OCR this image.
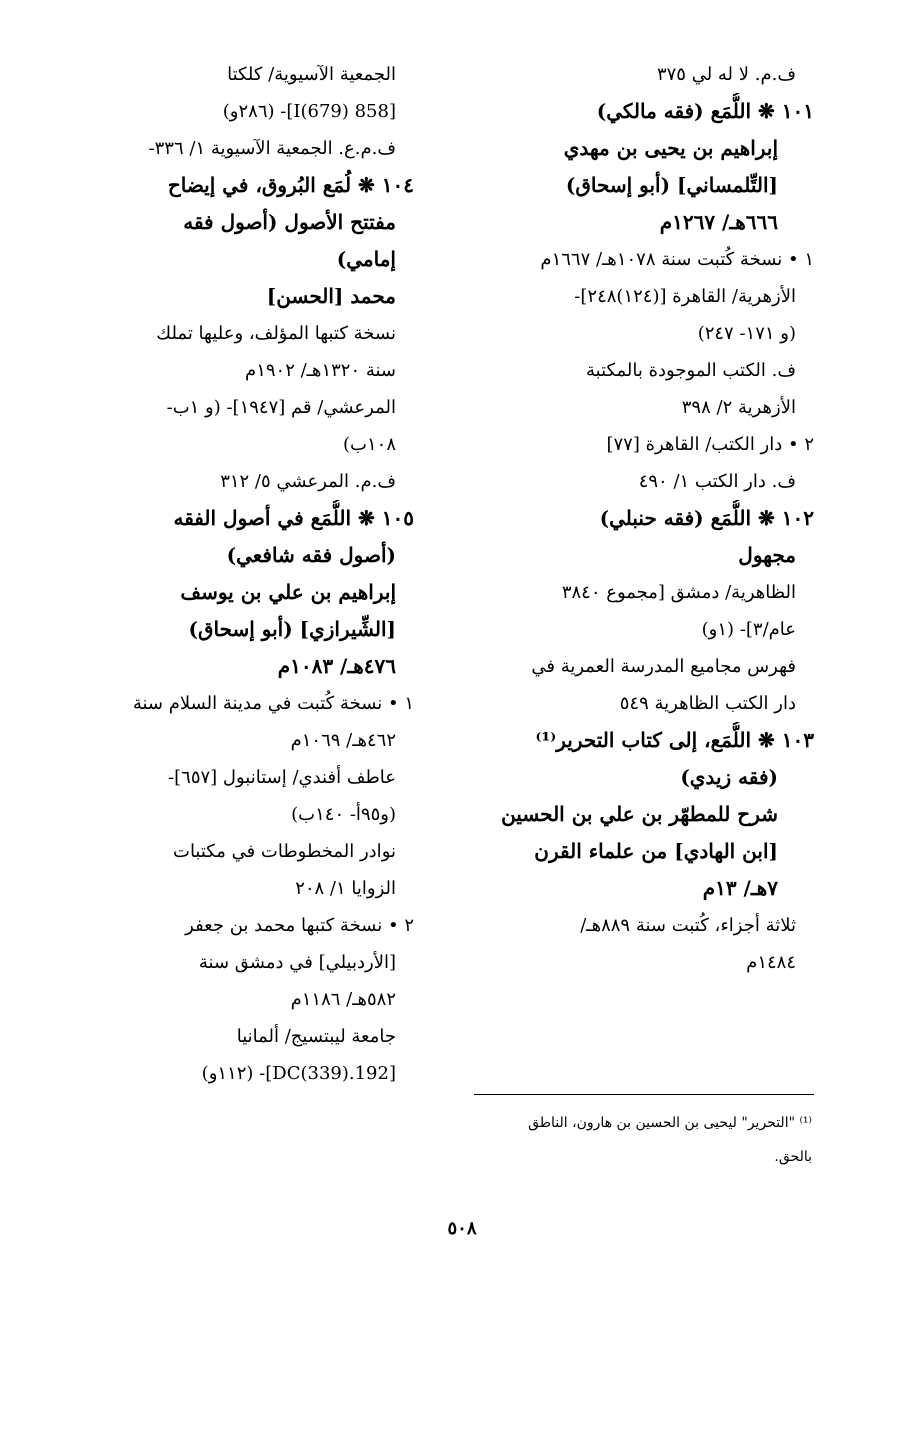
ف.م. لا له لي ٣٧٥
١٠١ ❋ اللُّمَع (فقه مالكي)
إبراهيم بن يحيى بن مهدي
[التِّلمساني] (أبو إسحاق)
٦٦٦هـ/ ١٢٦٧م
١ • نسخة كُتبت سنة ١٠٧٨هـ/ ١٦٦٧م
الأزهرية/ القاهرة [(١٢٤)٢٤٨]-
(و ١٧١- ٢٤٧)
ف. الكتب الموجودة بالمكتبة
الأزهرية ٢/ ٣٩٨
٢ • دار الكتب/ القاهرة [٧٧]
ف. دار الكتب ١/ ٤٩٠
١٠٢ ❋ اللُّمَع (فقه حنبلي)
مجهول
الظاهرية/ دمشق [مجموع ٣٨٤٠
عام/٣]- (١و)
فهرس مجاميع المدرسة العمرية في
دار الكتب الظاهرية ٥٤٩
١٠٣ ❋ اللُّمَع، إلى كتاب التحرير⁽¹⁾
(فقه زيدي)
شرح للمطهّر بن علي بن الحسين
[ابن الهادي] من علماء القرن
٧هـ/ ١٣م
ثلاثة أجزاء، كُتبت سنة ٨٨٩هـ/
١٤٨٤م
الجمعية الآسيوية/ كلكتا
[858 I(679)]- (٢٨٦و)
ف.م.ع. الجمعية الآسيوية ١/ ٣٣٦-
١٠٤ ❋ لُمَع البُروق، في إيضاح
مفتتح الأصول (أصول فقه
إمامي)
محمد [الحسن]
نسخة كتبها المؤلف، وعليها تملك
سنة ١٣٢٠هـ/ ١٩٠٢م
المرعشي/ قم [١٩٤٧]- (و ١ب-
١٠٨ب)
ف.م. المرعشي ٥/ ٣١٢
١٠٥ ❋ اللُّمَع في أصول الفقه
(أصول فقه شافعي)
إبراهيم بن علي بن يوسف
[الشِّيرازي] (أبو إسحاق)
٤٧٦هـ/ ١٠٨٣م
١ • نسخة كُتبت في مدينة السلام سنة
٤٦٢هـ/ ١٠٦٩م
عاطف أفندي/ إستانبول [٦٥٧]-
(و٩٥أ- ١٤٠ب)
نوادر المخطوطات في مكتبات
الزوايا ١/ ٢٠٨
٢ • نسخة كتبها محمد بن جعفر
[الأردبيلي] في دمشق سنة
٥٨٢هـ/ ١١٨٦م
جامعة ليبتسيج/ ألمانيا
[192.DC(339)]- (١١٢و)
⁽¹⁾ "التحرير" ليحيى بن الحسين بن هارون، الناطق
بالحق.
٥٠٨
